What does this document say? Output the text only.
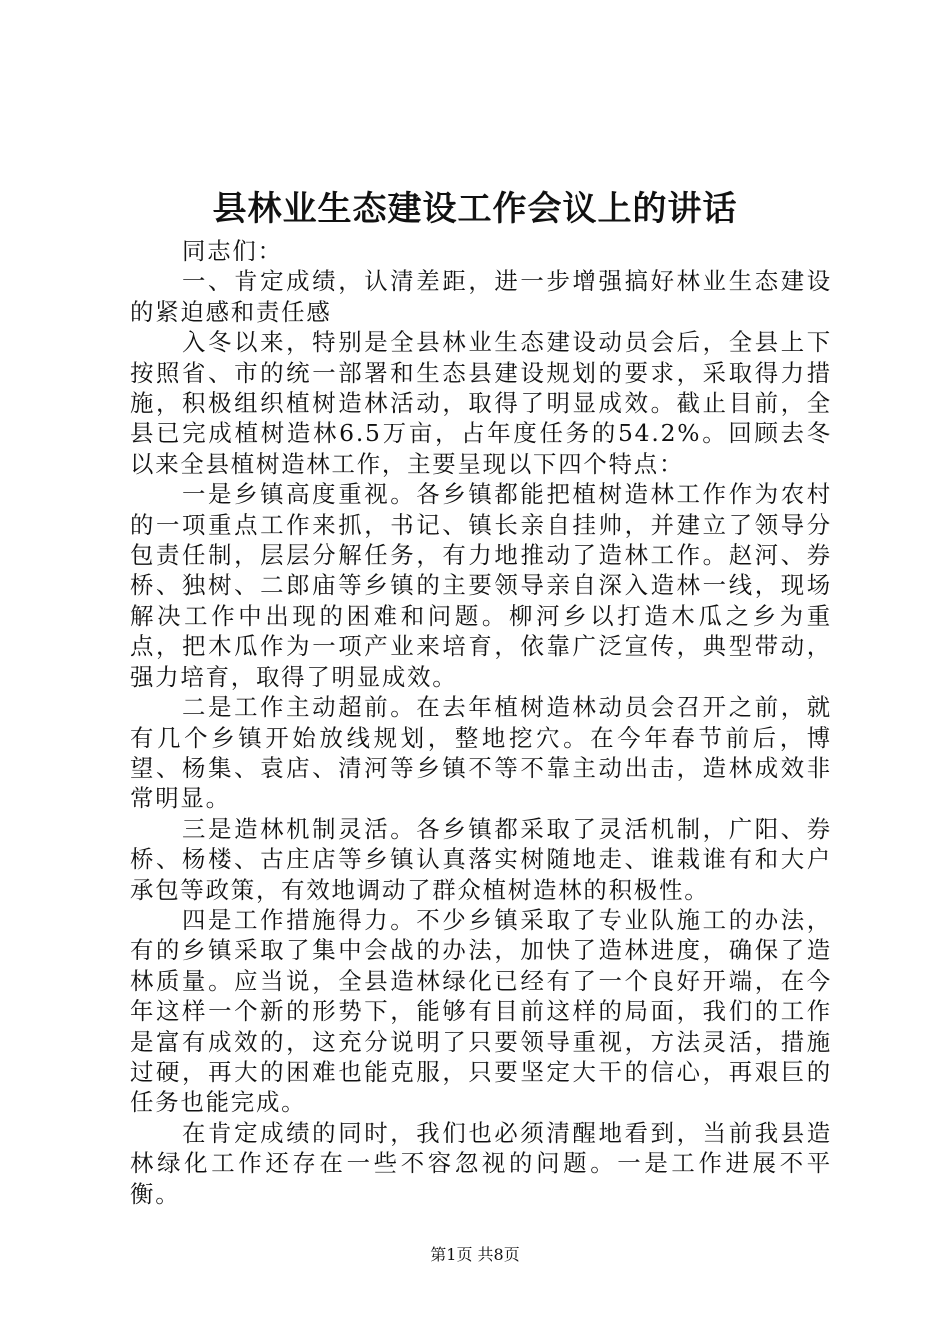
县林业生态建设工作会议上的讲话

同志们：

一、肯定成绩，认清差距，进一步增强搞好林业生态建设的紧迫感和责任感

入冬以来，特别是全县林业生态建设动员会后，全县上下按照省、市的统一部署和生态县建设规划的要求，采取得力措施，积极组织植树造林活动，取得了明显成效。截止目前，全县已完成植树造林6.5万亩，占年度任务的54.2%。回顾去冬以来全县植树造林工作，主要呈现以下四个特点：

一是乡镇高度重视。各乡镇都能把植树造林工作作为农村的一项重点工作来抓，书记、镇长亲自挂帅，并建立了领导分包责任制，层层分解任务，有力地推动了造林工作。赵河、券桥、独树、二郎庙等乡镇的主要领导亲自深入造林一线，现场解决工作中出现的困难和问题。柳河乡以打造木瓜之乡为重点，把木瓜作为一项产业来培育，依靠广泛宣传，典型带动，强力培育，取得了明显成效。

二是工作主动超前。在去年植树造林动员会召开之前，就有几个乡镇开始放线规划，整地挖穴。在今年春节前后，博望、杨集、袁店、清河等乡镇不等不靠主动出击，造林成效非常明显。

三是造林机制灵活。各乡镇都采取了灵活机制，广阳、券桥、杨楼、古庄店等乡镇认真落实树随地走、谁栽谁有和大户承包等政策，有效地调动了群众植树造林的积极性。

四是工作措施得力。不少乡镇采取了专业队施工的办法，有的乡镇采取了集中会战的办法，加快了造林进度，确保了造林质量。应当说，全县造林绿化已经有了一个良好开端，在今年这样一个新的形势下，能够有目前这样的局面，我们的工作是富有成效的，这充分说明了只要领导重视，方法灵活，措施过硬，再大的困难也能克服，只要坚定大干的信心，再艰巨的任务也能完成。

在肯定成绩的同时，我们也必须清醒地看到，当前我县造林绿化工作还存在一些不容忽视的问题。一是工作进展不平衡。

第1页 共8页
